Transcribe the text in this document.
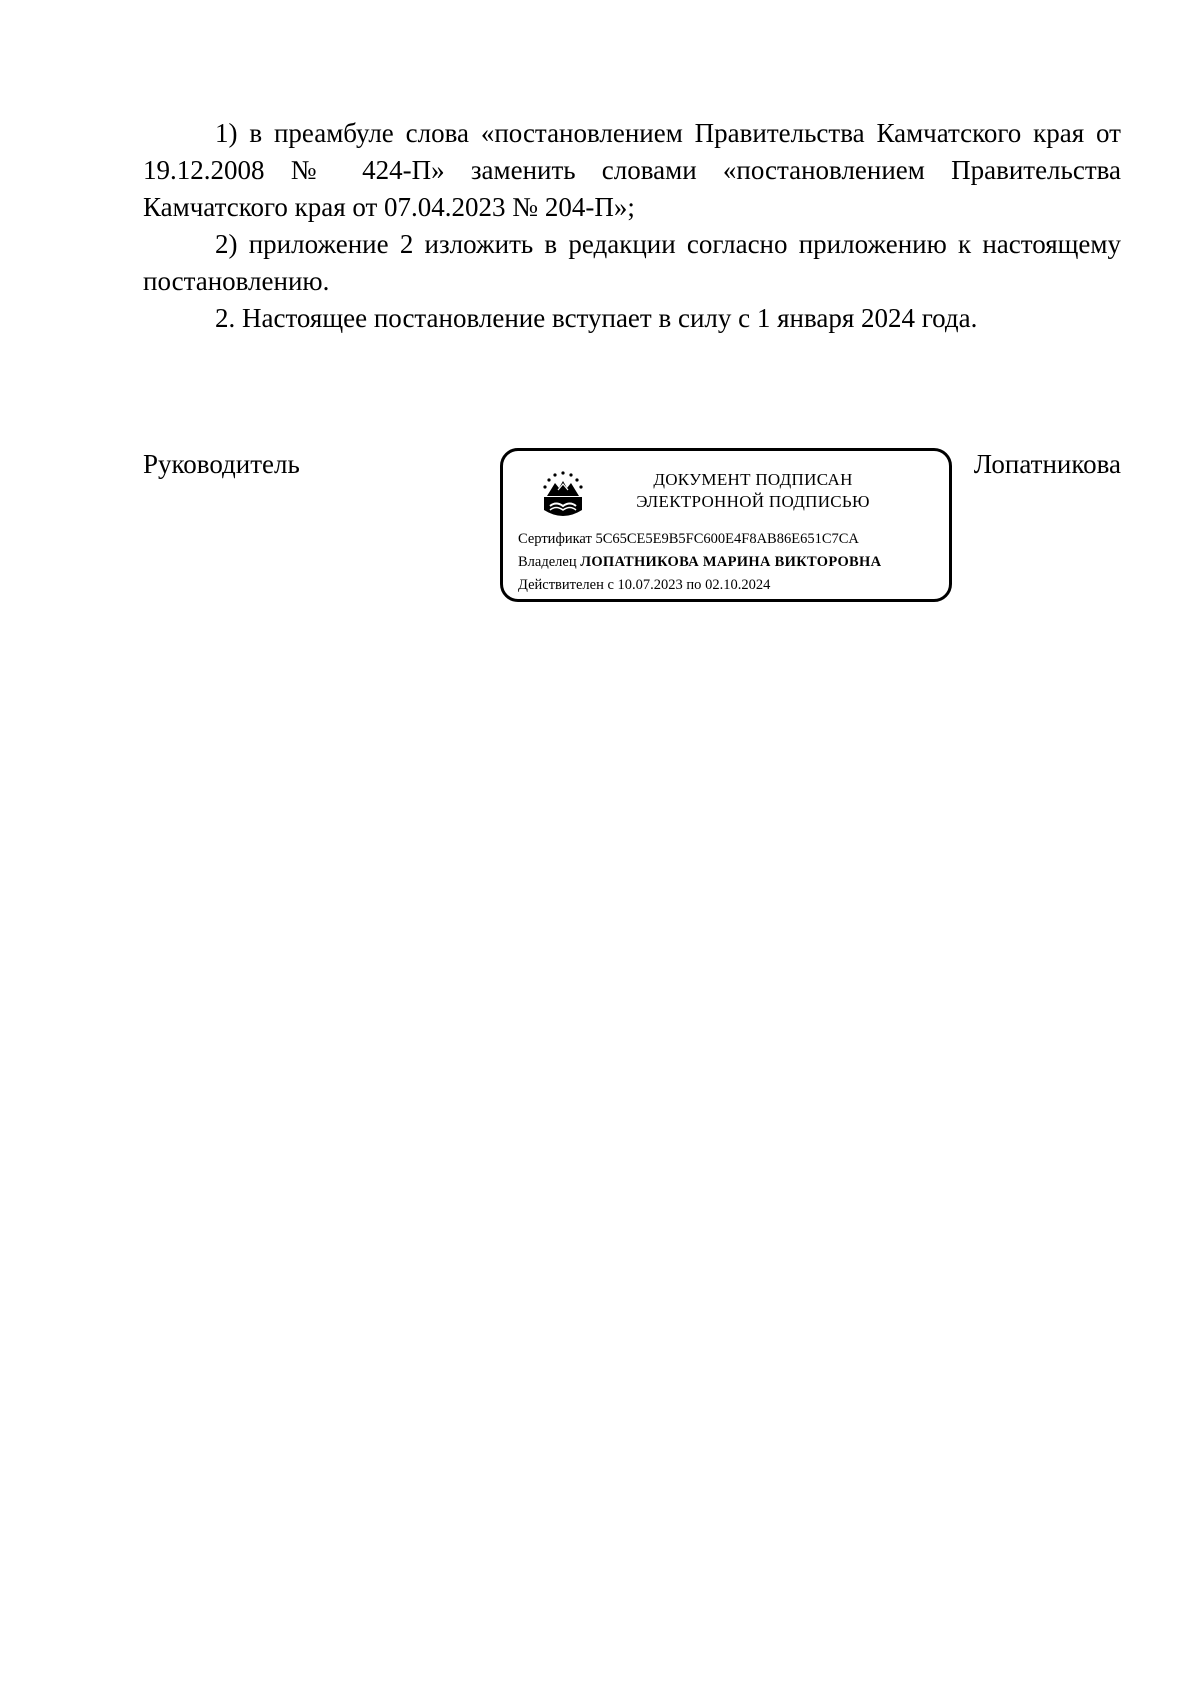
1) в преамбуле слова «постановлением Правительства Камчатского края от 19.12.2008 № 424-П» заменить словами «постановлением Правительства Камчатского края от 07.04.2023 № 204-П»;

2) приложение 2 изложить в редакции согласно приложению к настоящему постановлению.

2. Настоящее постановление вступает в силу с 1 января 2024 года.

Руководитель	Лопатникова
ДОКУМЕНТ ПОДПИСАН
ЭЛЕКТРОННОЙ ПОДПИСЬЮ
Сертификат 5C65CE5E9B5FC600E4F8AB86E651C7CA
Владелец ЛОПАТНИКОВА МАРИНА ВИКТОРОВНА
Действителен с 10.07.2023 по 02.10.2024
